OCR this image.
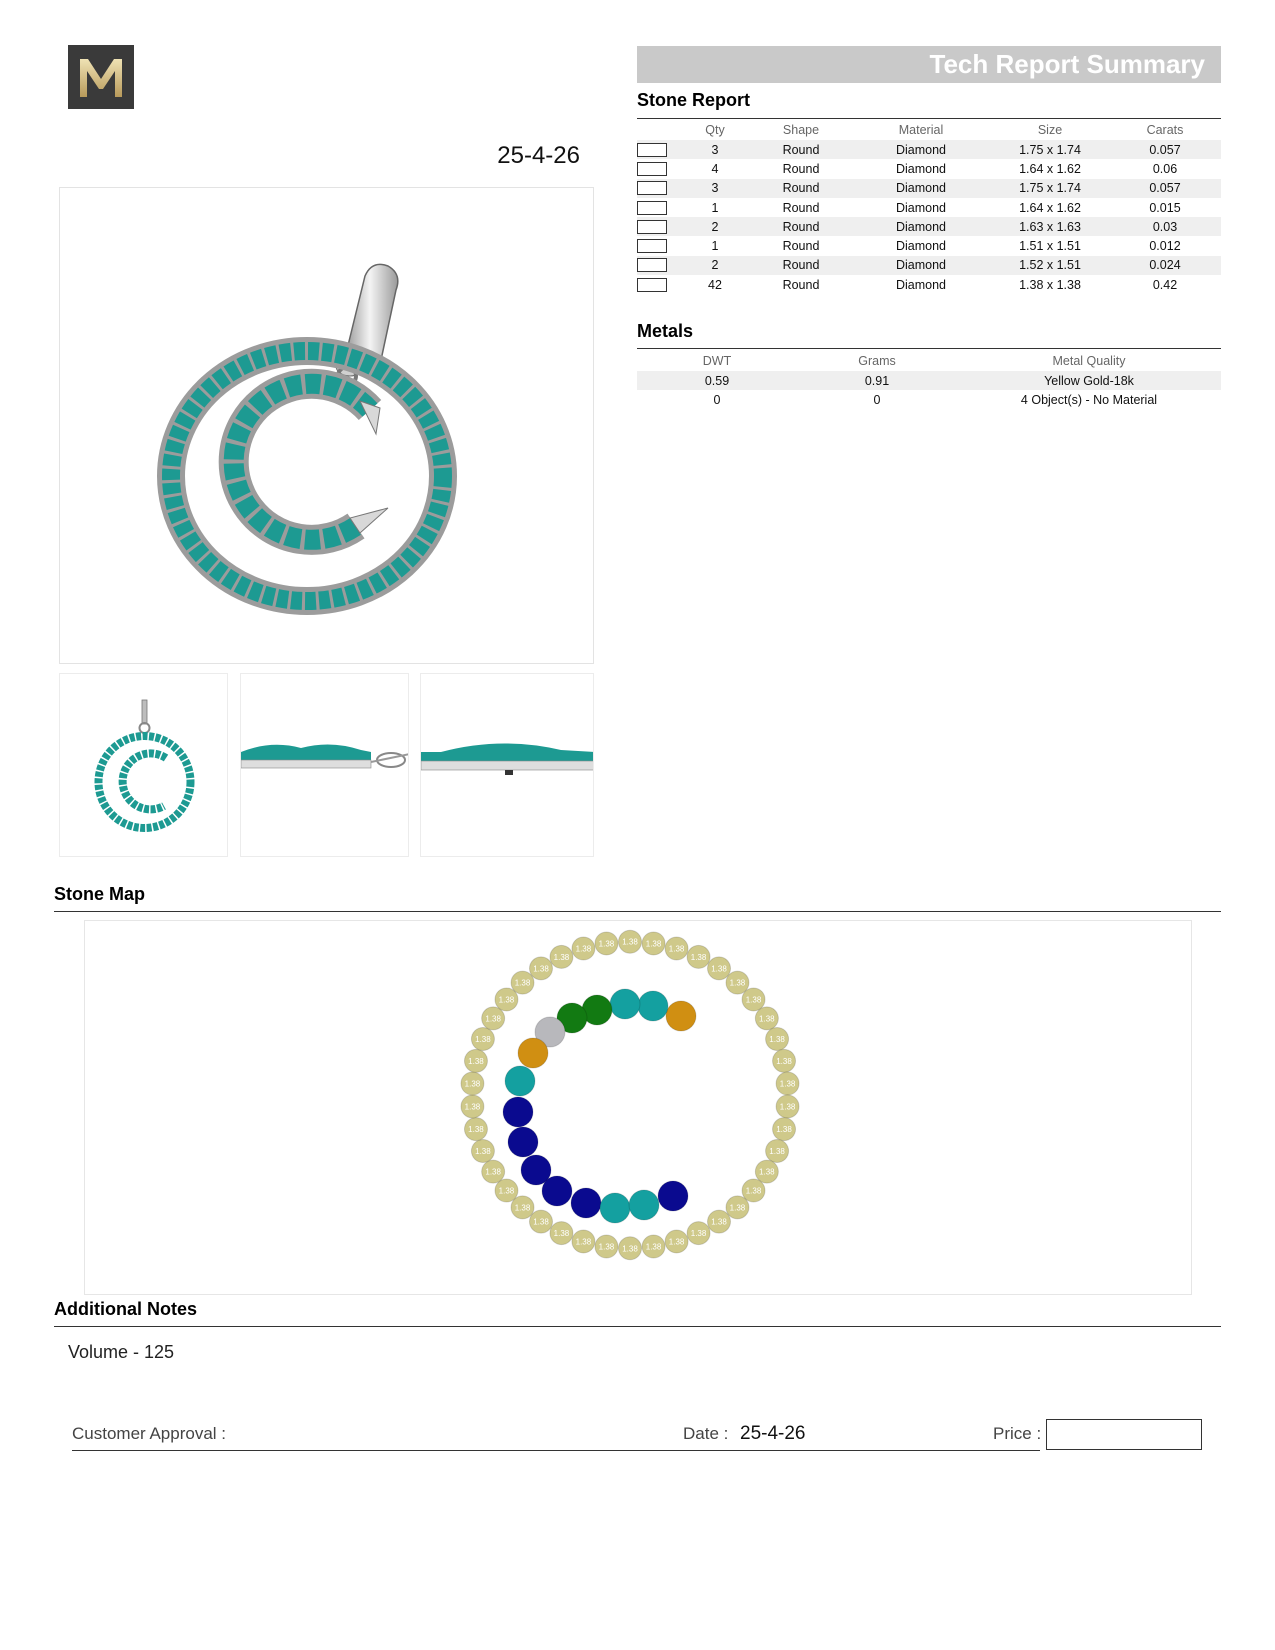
25-4-26
Tech Report Summary
Stone Report
	Qty	Shape	Material	Size	Carats

	3	Round	Diamond	1.75 x 1.74	0.057

	4	Round	Diamond	1.64 x 1.62	0.06

	3	Round	Diamond	1.75 x 1.74	0.057

	1	Round	Diamond	1.64 x 1.62	0.015

	2	Round	Diamond	1.63 x 1.63	0.03

	1	Round	Diamond	1.51 x 1.51	0.012

	2	Round	Diamond	1.52 x 1.51	0.024

	42	Round	Diamond	1.38 x 1.38	0.42
Metals
DWT	Grams	Metal Quality
0.59	0.91	Yellow Gold-18k
0	0	4 Object(s) - No Material
Stone Map
1.38 1.38
1.38
1.38
1.38
1.38
1.38
1.38
1.38
1.38
1.38
1.38
1.38
1.38
1.38
1.38
1.38
1.38
1.38
1.38
1.38
1.38
1.38
1.38
1.38
1.38
1.38
1.38
1.38
1.38
1.38
1.38
1.38
1.38
1.38
1.38
1.38
1.38
1.38
1.38
1.38
1.38
Additional Notes
Volume - 125
Customer Approval :	Date : 25-4-26	Price :
